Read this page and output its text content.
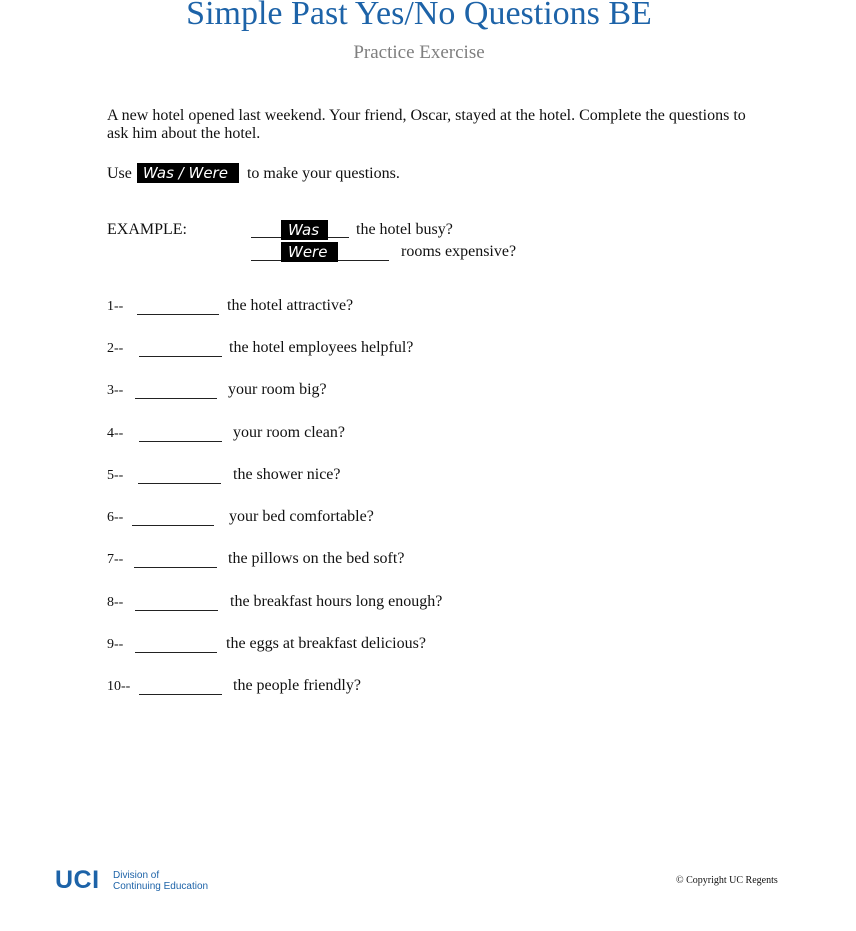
Simple Past Yes/No Questions BE
Practice Exercise

A new hotel opened last weekend. Your friend, Oscar, stayed at the hotel. Complete the questions to ask him about the hotel.

Use Was / Were to make your questions.
EXAMPLE:	Was	the hotel busy?
Were	rooms expensive?
1--	the hotel attractive?
2--	the hotel employees helpful?
3--	your room big?
4--	your room clean?
5--	the shower nice?
6--	your bed comfortable?
7--	the pillows on the bed soft?
8--	the breakfast hours long enough?
9--	the eggs at breakfast delicious?
10--	the people friendly?
UCI Division of
Continuing Education
© Copyright UC Regents
